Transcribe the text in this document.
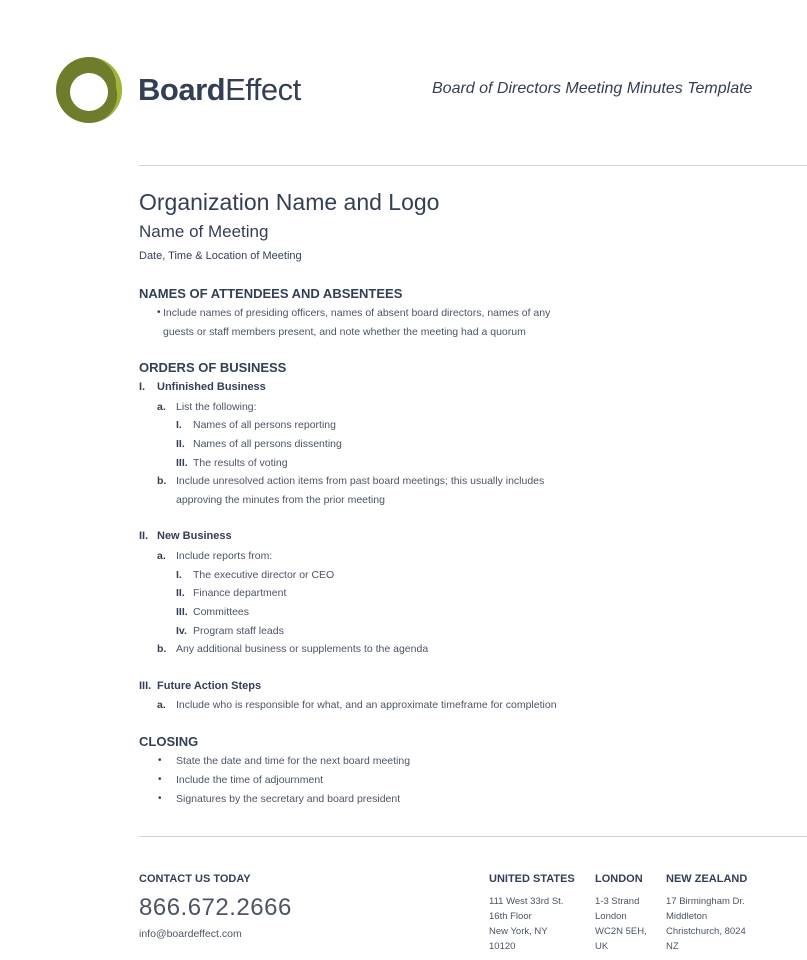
BoardEffect	Board of Directors Meeting Minutes Template
Organization Name and Logo
Name of Meeting
Date, Time & Location of Meeting
NAMES OF ATTENDEES AND ABSENTEES
• Include names of presiding officers, names of absent board directors, names of any
guests or staff members present, and note whether the meeting had a quorum
ORDERS OF BUSINESS
I. Unfinished Business
a. List the following:
I. Names of all persons reporting
II. Names of all persons dissenting
III. The results of voting
b. Include unresolved action items from past board meetings; this usually includes
approving the minutes from the prior meeting
II. New Business
a. Include reports from:
I. The executive director or CEO
II. Finance department
III. Committees
Iv. Program staff leads
b. Any additional business or supplements to the agenda
III. Future Action Steps
a. Include who is responsible for what, and an approximate timeframe for completion
CLOSING
• State the date and time for the next board meeting
• Include the time of adjournment
• Signatures by the secretary and board president
CONTACT US TODAY
866.672.2666
info@boardeffect.com
UNITED STATES
111 West 33rd St.
16th Floor
New York, NY
10120
LONDON
1-3 Strand
London
WC2N 5EH,
UK
NEW ZEALAND
17 Birmingham Dr.
Middleton
Christchurch, 8024
NZ
